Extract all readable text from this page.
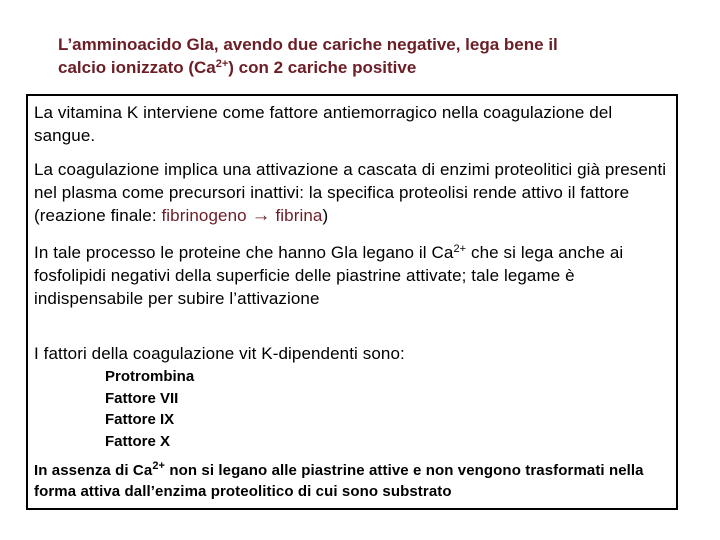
L’amminoacido Gla, avendo due cariche negative, lega bene il
calcio ionizzato $(Ca^{2+})$ con 2 cariche positive
La vitamina K interviene come fattore antiemorragico nella coagulazione del sangue.
La coagulazione implica una attivazione a cascata di enzimi proteolitici già presenti nel plasma come precursori inattivi: la specifica proteolisi rende attivo il fattore (reazione finale: fibrinogeno → fibrina)
In tale processo le proteine che hanno Gla legano il $Ca^{2+}$ che si lega anche ai fosfolipidi negativi della superficie delle piastrine attivate; tale legame è indispensabile per subire l’attivazione
I fattori della coagulazione vit K-dipendenti sono:
Protrombina
Fattore VII
Fattore IX
Fattore X
In assenza di $Ca^{2+}$ non si legano alle piastrine attive e non vengono trasformati nella forma attiva dall’enzima proteolitico di cui sono substrato
